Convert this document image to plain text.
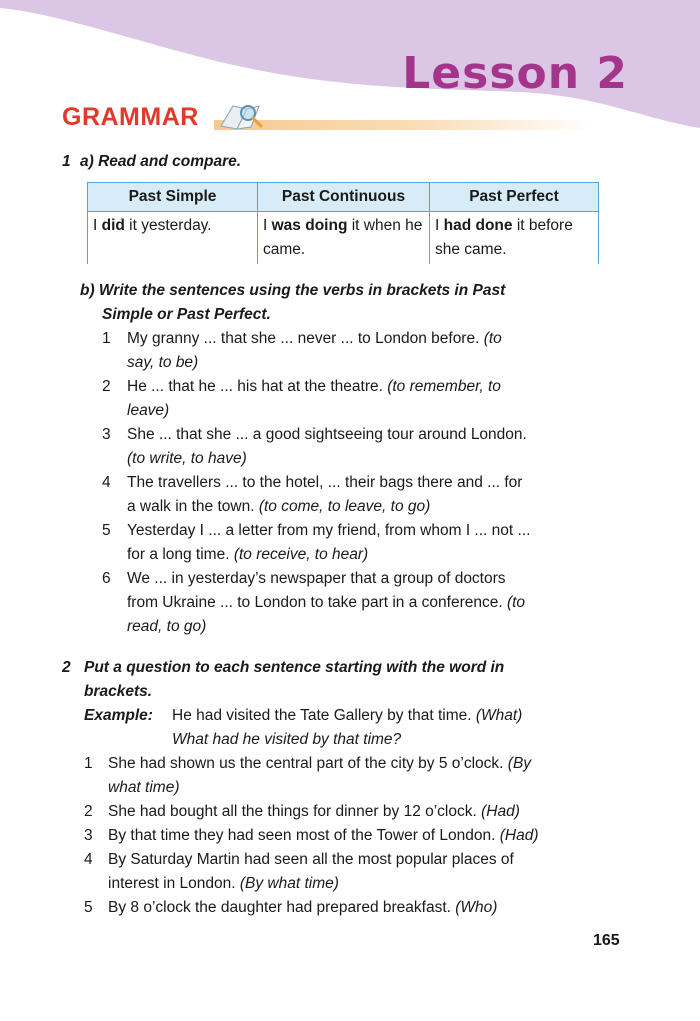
Lesson 2
GRAMMAR
1 a) Read and compare.
Past Simple	Past Continuous	Past Perfect
I did it yesterday.	I was doing it when he came.	I had done it before she came.
b) Write the sentences using the verbs in brackets in Past
Simple or Past Perfect.
1 My granny ... that she ... never ... to London before. (to
say, to be)
2 He ... that he ... his hat at the theatre. (to remember, to
leave)
3 She ... that she ... a good sightseeing tour around London.
(to write, to have)
4 The travellers ... to the hotel, ... their bags there and ... for
a walk in the town. (to come, to leave, to go)
5 Yesterday I ... a letter from my friend, from whom I ... not ...
for a long time. (to receive, to hear)
6 We ... in yesterday’s newspaper that a group of doctors
from Ukraine ... to London to take part in a conference. (to
read, to go)
2 Put a question to each sentence starting with the word in
brackets.
Example: He had visited the Tate Gallery by that time. (What)
What had he visited by that time?
1 She had shown us the central part of the city by 5 o’clock. (By
what time)
2 She had bought all the things for dinner by 12 o’clock. (Had)
3 By that time they had seen most of the Tower of London. (Had)
4 By Saturday Martin had seen all the most popular places of
interest in London. (By what time)
5 By 8 o’clock the daughter had prepared breakfast. (Who)
165
